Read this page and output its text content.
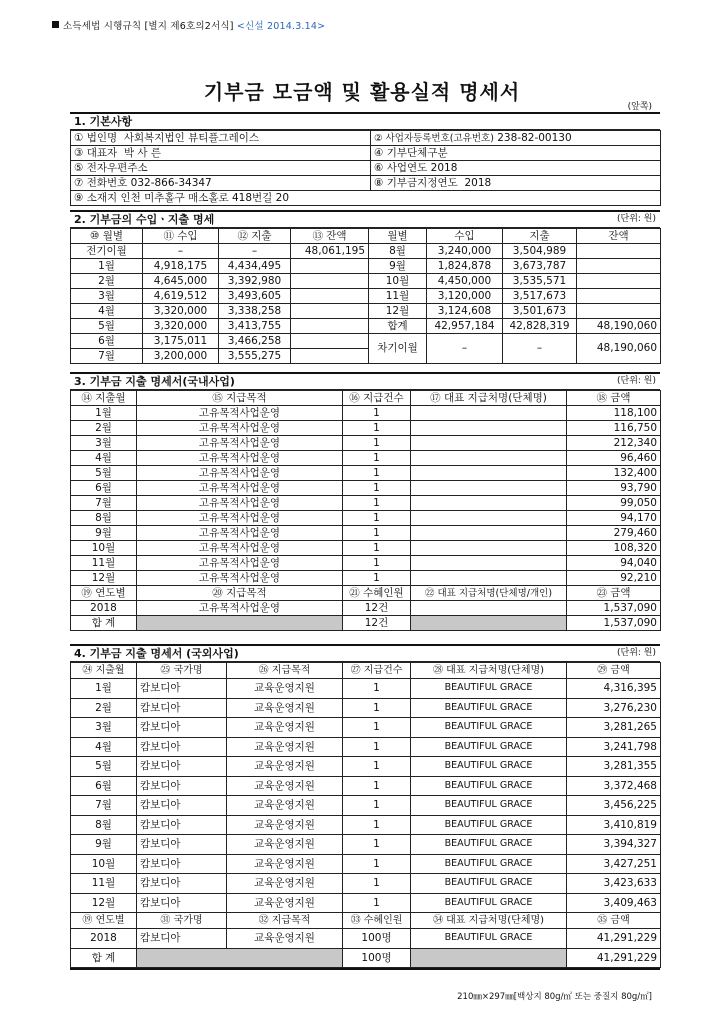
소득세법 시행규칙 [별지 제6호의2서식] <신설 2014.3.14>
기부금 모금액 및 활용실적 명세서
(앞쪽)
1. 기본사항
① 법인명 사회복지법인 뷰티플그레이스	② 사업자등록번호(고유번호) 238-82-00130
③ 대표자 박 사 른	④ 기부단체구분
⑤ 전자우편주소	⑥ 사업연도 2018
⑦ 전화번호 032-866-34347	⑧ 기부금지정연도 2018
⑨ 소재지 인천 미추홀구 매소홀로 418번길 20	
2. 기부금의 수입ㆍ지출 명세	(단위: 원)
⑩ 월별	⑪ 수입	⑫ 지출	⑬ 잔액	월별	수입	지출	잔액
전기이월	–	–	48,061,195	8월	3,240,000	3,504,989	
1월	4,918,175	4,434,495		9월	1,824,878	3,673,787	
2월	4,645,000	3,392,980		10월	4,450,000	3,535,571	
3월	4,619,512	3,493,605		11월	3,120,000	3,517,673	
4월	3,320,000	3,338,258		12월	3,124,608	3,501,673	
5월	3,320,000	3,413,755		합계	42,957,184	42,828,319	48,190,060
6월	3,175,011	3,466,258		차기이월	–	–	48,190,060
7월	3,200,000	3,555,275					
3. 기부금 지출 명세서(국내사업)	(단위: 원)
⑭ 지출월	⑮ 지급목적	⑯ 지급건수	⑰ 대표 지급처명(단체명)	⑱ 금액
1월	고유목적사업운영	1		118,100
2월	고유목적사업운영	1		116,750
3월	고유목적사업운영	1		212,340
4월	고유목적사업운영	1		96,460
5월	고유목적사업운영	1		132,400
6월	고유목적사업운영	1		93,790
7월	고유목적사업운영	1		99,050
8월	고유목적사업운영	1		94,170
9월	고유목적사업운영	1		279,460
10월	고유목적사업운영	1		108,320
11월	고유목적사업운영	1		94,040
12월	고유목적사업운영	1		92,210
⑲ 연도별	⑳ 지급목적	㉑ 수혜인원	㉒ 대표 지급처명(단체명/개인)	㉓ 금액
2018	고유목적사업운영	12건		1,537,090
합 계		12건		1,537,090
4. 기부금 지출 명세서 (국외사업)	(단위: 원)
㉔ 지출월	㉕ 국가명	㉖ 지급목적	㉗ 지급건수	㉘ 대표 지급처명(단체명)	㉙ 금액
1월	캄보디아	교육운영지원	1	BEAUTIFUL GRACE	4,316,395
2월	캄보디아	교육운영지원	1	BEAUTIFUL GRACE	3,276,230
3월	캄보디아	교육운영지원	1	BEAUTIFUL GRACE	3,281,265
4월	캄보디아	교육운영지원	1	BEAUTIFUL GRACE	3,241,798
5월	캄보디아	교육운영지원	1	BEAUTIFUL GRACE	3,281,355
6월	캄보디아	교육운영지원	1	BEAUTIFUL GRACE	3,372,468
7월	캄보디아	교육운영지원	1	BEAUTIFUL GRACE	3,456,225
8월	캄보디아	교육운영지원	1	BEAUTIFUL GRACE	3,410,819
9월	캄보디아	교육운영지원	1	BEAUTIFUL GRACE	3,394,327
10월	캄보디아	교육운영지원	1	BEAUTIFUL GRACE	3,427,251
11월	캄보디아	교육운영지원	1	BEAUTIFUL GRACE	3,423,633
12월	캄보디아	교육운영지원	1	BEAUTIFUL GRACE	3,409,463
⑲ 연도별	㉛ 국가명	㉜ 지급목적	㉝ 수혜인원	㉞ 대표 지급처명(단체명)	㉟ 금액
2018	캄보디아	교육운영지원	100명	BEAUTIFUL GRACE	41,291,229
합 계			100명		41,291,229
210㎜×297㎜[백상지 80g/㎡ 또는 중질지 80g/㎡]
